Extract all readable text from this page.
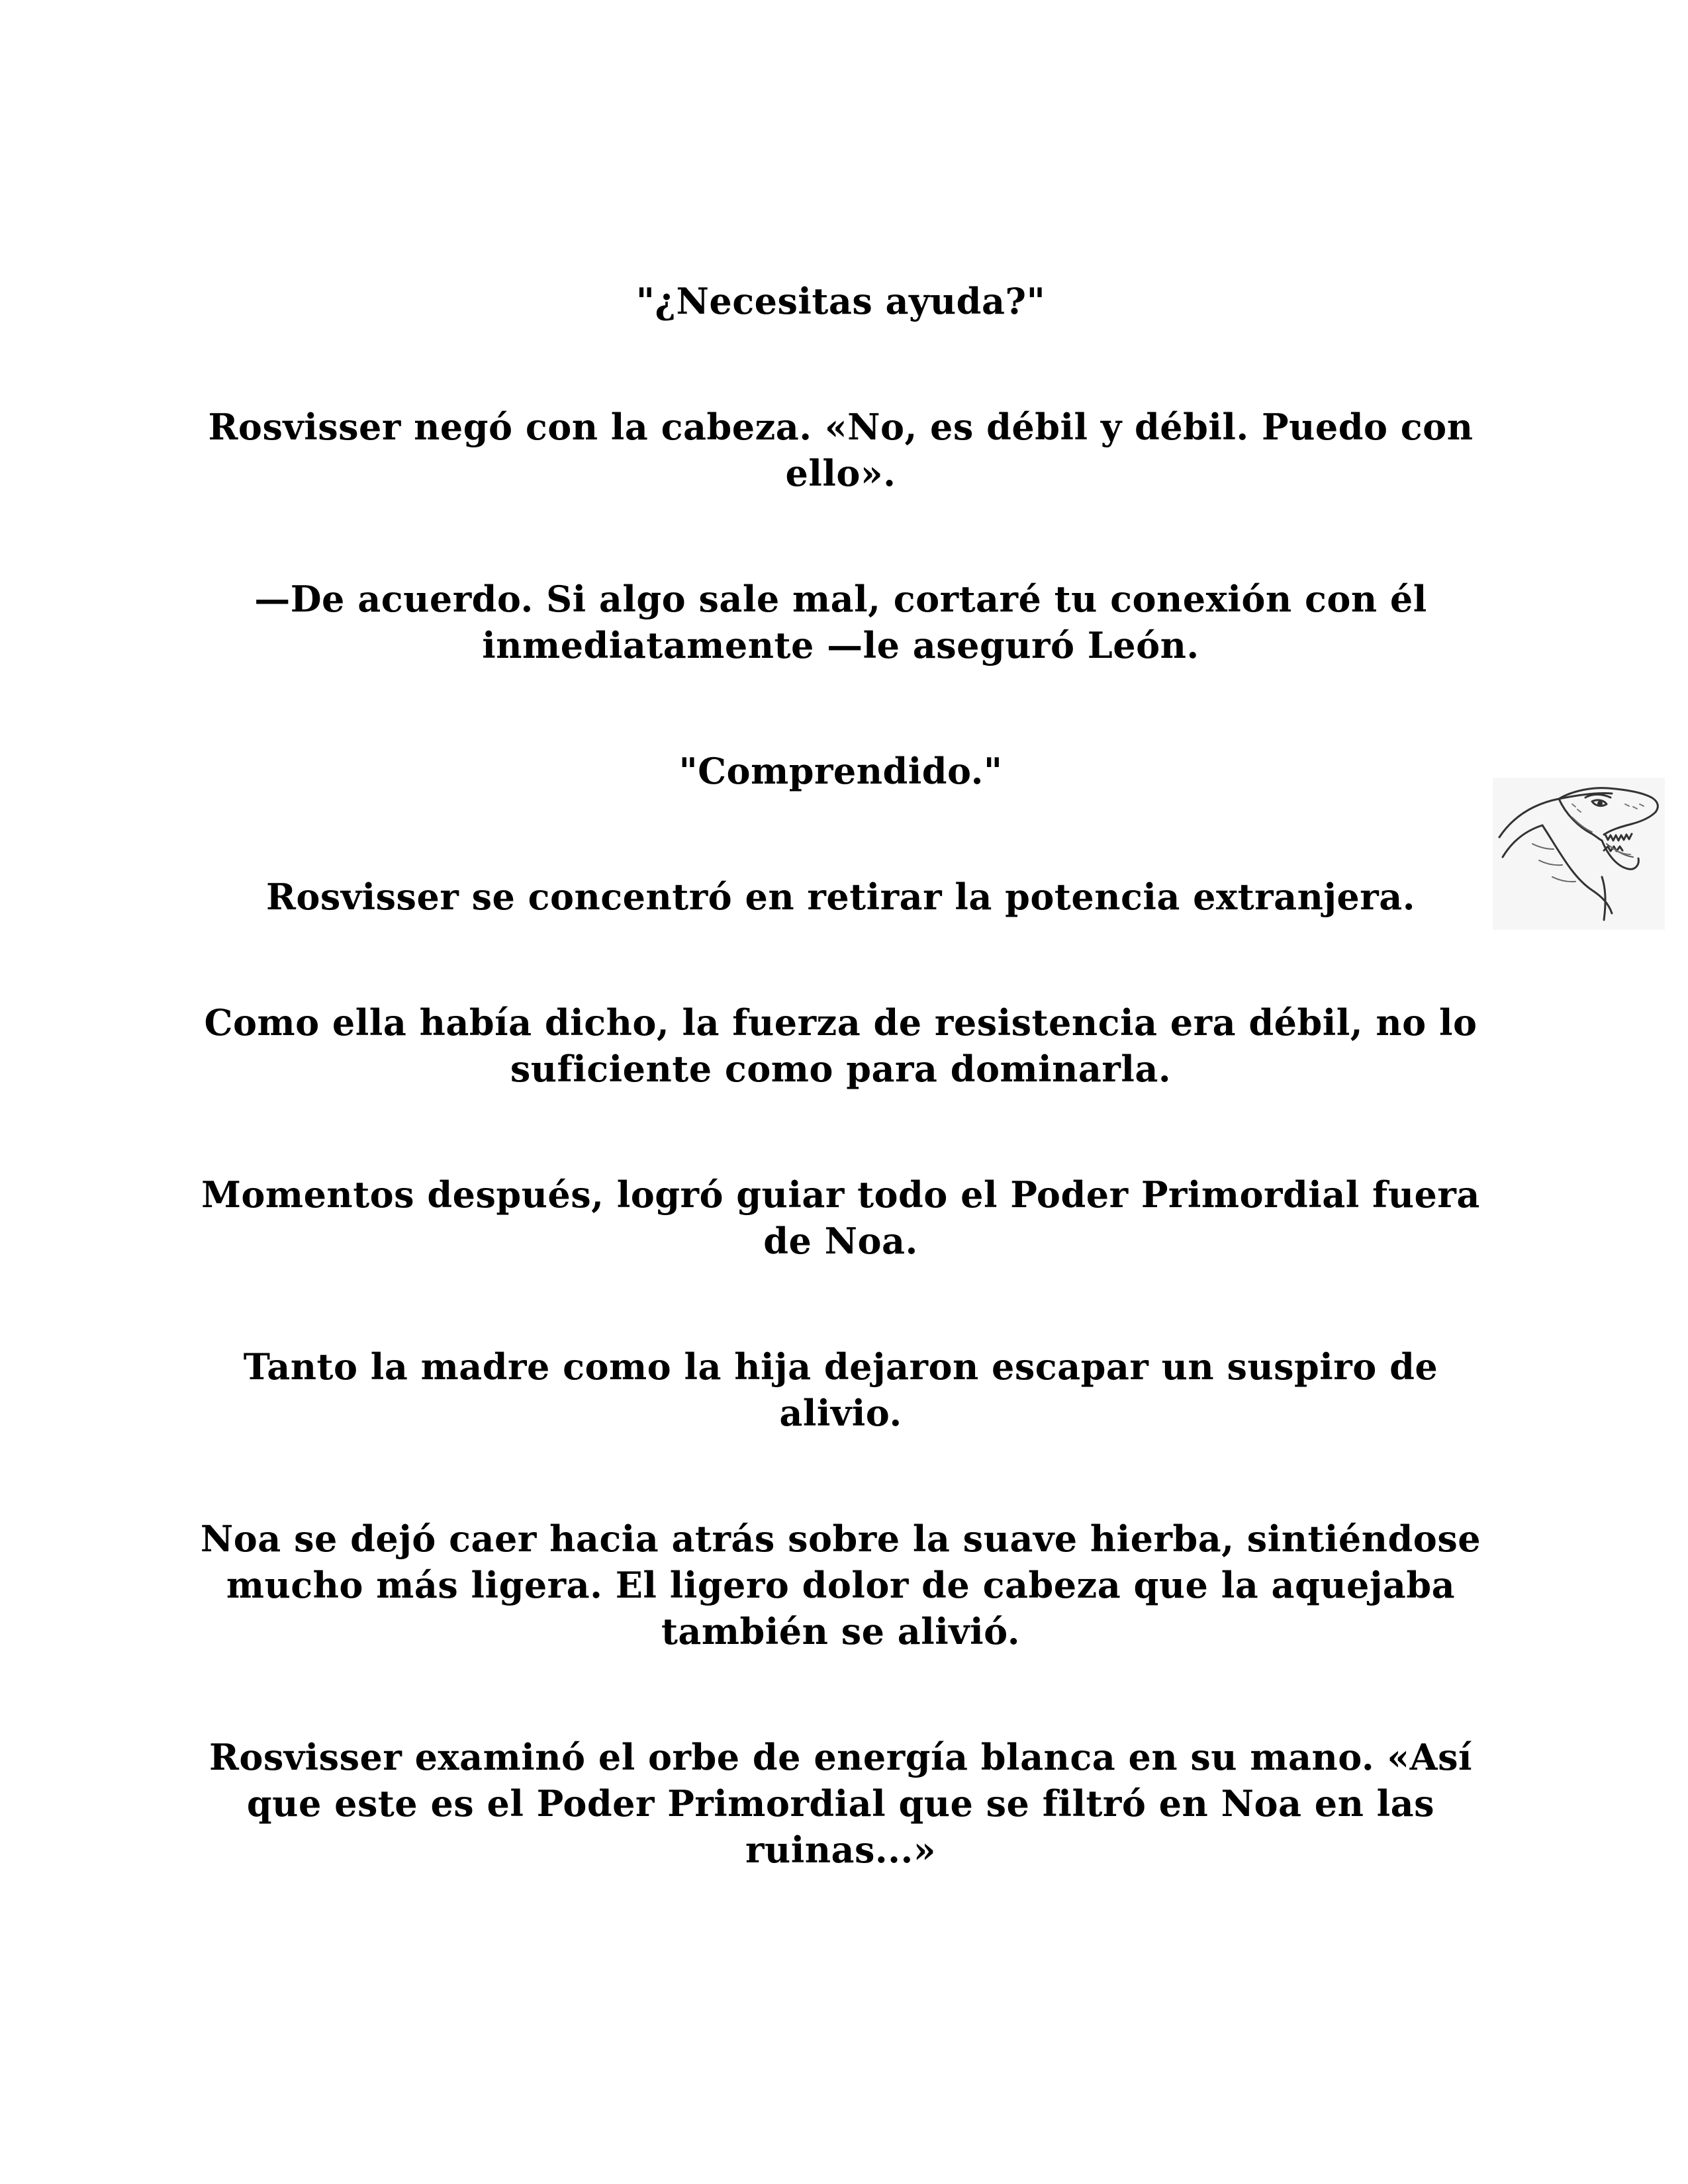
"¿Necesitas ayuda?"

Rosvisser negó con la cabeza. «No, es débil y débil. Puedo con ello».

—De acuerdo. Si algo sale mal, cortaré tu conexión con él inmediatamente —le aseguró León.

"Comprendido."

Rosvisser se concentró en retirar la potencia extranjera.

Como ella había dicho, la fuerza de resistencia era débil, no lo suficiente como para dominarla.

Momentos después, logró guiar todo el Poder Primordial fuera de Noa.

Tanto la madre como la hija dejaron escapar un suspiro de alivio.

Noa se dejó caer hacia atrás sobre la suave hierba, sintiéndose mucho más ligera. El ligero dolor de cabeza que la aquejaba también se alivió.

Rosvisser examinó el orbe de energía blanca en su mano. «Así que este es el Poder Primordial que se filtró en Noa en las ruinas...»
